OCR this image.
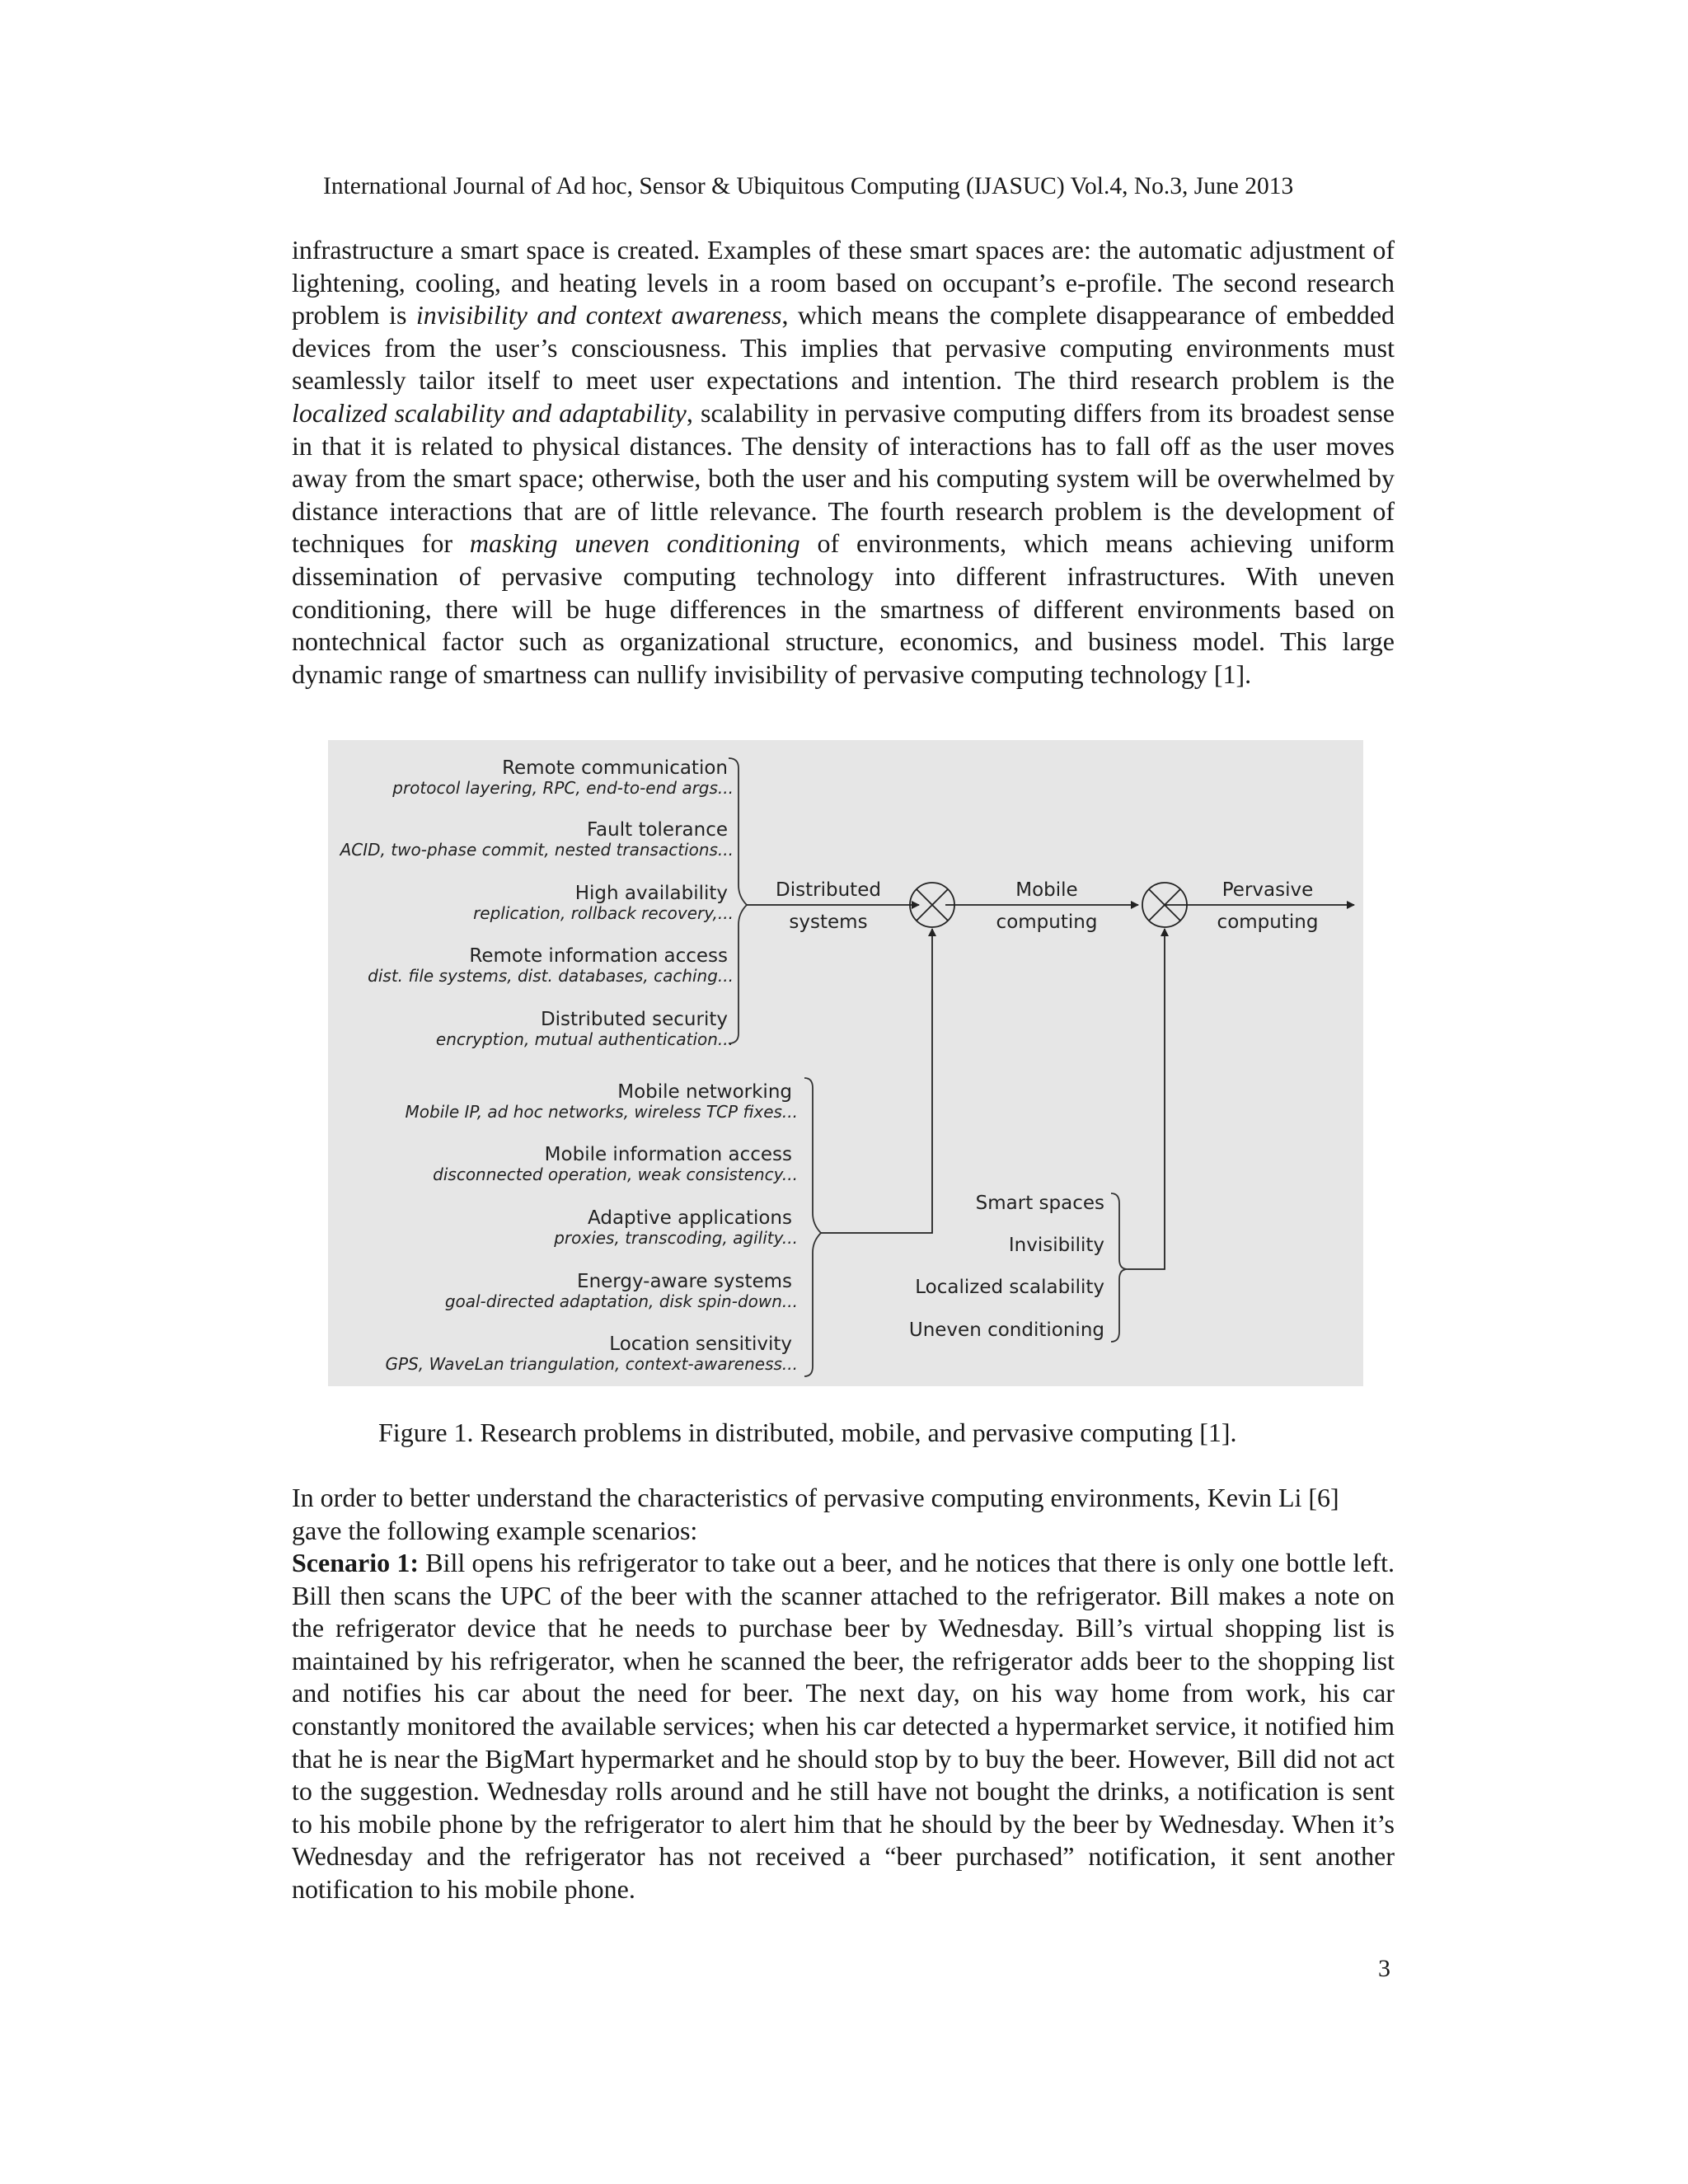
International Journal of Ad hoc, Sensor & Ubiquitous Computing (IJASUC) Vol.4, No.3, June 2013
infrastructure a smart space is created. Examples of these smart spaces are: the automatic adjustment of lightening, cooling, and heating levels in a room based on occupant’s e-profile. The second research problem is invisibility and context awareness, which means the complete disappearance of embedded devices from the user’s consciousness. This implies that pervasive computing environments must seamlessly tailor itself to meet user expectations and intention. The third research problem is the localized scalability and adaptability, scalability in pervasive computing differs from its broadest sense in that it is related to physical distances. The density of interactions has to fall off as the user moves away from the smart space; otherwise, both the user and his computing system will be overwhelmed by distance interactions that are of little relevance. The fourth research problem is the development of techniques for masking uneven conditioning of environments, which means achieving uniform dissemination of pervasive computing technology into different infrastructures. With uneven conditioning, there will be huge differences in the smartness of different environments based on nontechnical factor such as organizational structure, economics, and business model. This large dynamic range of smartness can nullify invisibility of pervasive computing technology [1].
Remote communication
protocol layering, RPC, end-to-end args...
Fault tolerance
ACID, two-phase commit, nested transactions...
High availability
replication, rollback recovery,...
Remote information access
dist. file systems, dist. databases, caching...
Distributed security
encryption, mutual authentication...
Mobile networking
Mobile IP, ad hoc networks, wireless TCP fixes...
Mobile information access
disconnected operation, weak consistency...
Adaptive applications
proxies, transcoding, agility...
Energy-aware systems
goal-directed adaptation, disk spin-down...
Location sensitivity
GPS, WaveLan triangulation, context-awareness...
Smart spaces
Invisibility
Localized scalability
Uneven conditioning
Distributed
systems
Mobile
computing
Pervasive
computing
Figure 1. Research problems in distributed, mobile, and pervasive computing [1].
In order to better understand the characteristics of pervasive computing environments, Kevin Li [6] gave the following example scenarios:
Scenario 1: Bill opens his refrigerator to take out a beer, and he notices that there is only one bottle left. Bill then scans the UPC of the beer with the scanner attached to the refrigerator. Bill makes a note on the refrigerator device that he needs to purchase beer by Wednesday. Bill’s virtual shopping list is maintained by his refrigerator, when he scanned the beer, the refrigerator adds beer to the shopping list and notifies his car about the need for beer. The next day, on his way home from work, his car constantly monitored the available services; when his car detected a hypermarket service, it notified him that he is near the BigMart hypermarket and he should stop by to buy the beer. However, Bill did not act to the suggestion. Wednesday rolls around and he still have not bought the drinks, a notification is sent to his mobile phone by the refrigerator to alert him that he should by the beer by Wednesday. When it’s Wednesday and the refrigerator has not received a “beer purchased” notification, it sent another notification to his mobile phone.
3
